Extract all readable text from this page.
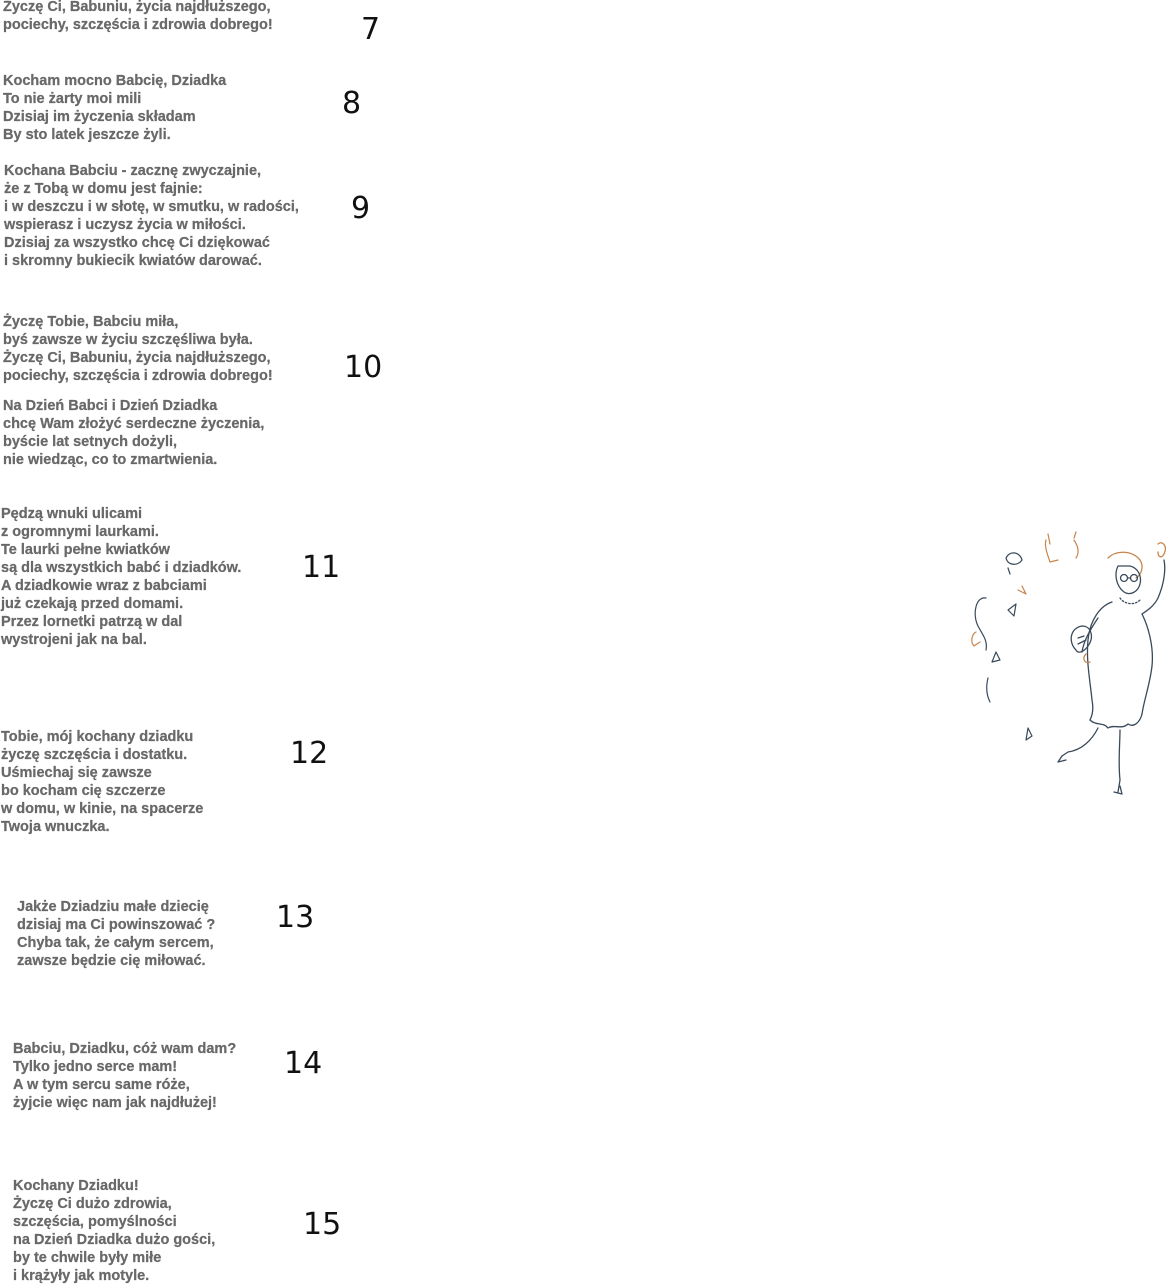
Życzę Ci, Babuniu, życia najdłuższego,
pociechy, szczęścia i zdrowia dobrego!
Kocham mocno Babcię, Dziadka
To nie żarty moi mili
Dzisiaj im życzenia składam
By sto latek jeszcze żyli.
Kochana Babciu - zacznę zwyczajnie,
że z Tobą w domu jest fajnie:
i w deszczu i w słotę, w smutku, w radości,
wspierasz i uczysz życia w miłości.
Dzisiaj za wszystko chcę Ci dziękować
i skromny bukiecik kwiatów darować.
Życzę Tobie, Babciu miła,
byś zawsze w życiu szczęśliwa była.
Życzę Ci, Babuniu, życia najdłuższego,
pociechy, szczęścia i zdrowia dobrego!
Na Dzień Babci i Dzień Dziadka
chcę Wam złożyć serdeczne życzenia,
byście lat setnych dożyli,
nie wiedząc, co to zmartwienia.
Pędzą wnuki ulicami
z ogromnymi laurkami.
Te laurki pełne kwiatków
są dla wszystkich babć i dziadków.
A dziadkowie wraz z babciami
już czekają przed domami.
Przez lornetki patrzą w dal
wystrojeni jak na bal.
Tobie, mój kochany dziadku
życzę szczęścia i dostatku.
Uśmiechaj się zawsze
bo kocham cię szczerze
w domu, w kinie, na spacerze
Twoja wnuczka.
Jakże Dziadziu małe dziecię
dzisiaj ma Ci powinszować ?
Chyba tak, że całym sercem,
zawsze będzie cię miłować.
Babciu, Dziadku, cóż wam dam?
Tylko jedno serce mam!
A w tym sercu same róże,
żyjcie więc nam jak najdłużej!
Kochany Dziadku!
Życzę Ci dużo zdrowia,
szczęścia, pomyślności
na Dzień Dziadka dużo gości,
by te chwile były miłe
i krążyły jak motyle.
7
8
9
10
11
12
13
14
15
